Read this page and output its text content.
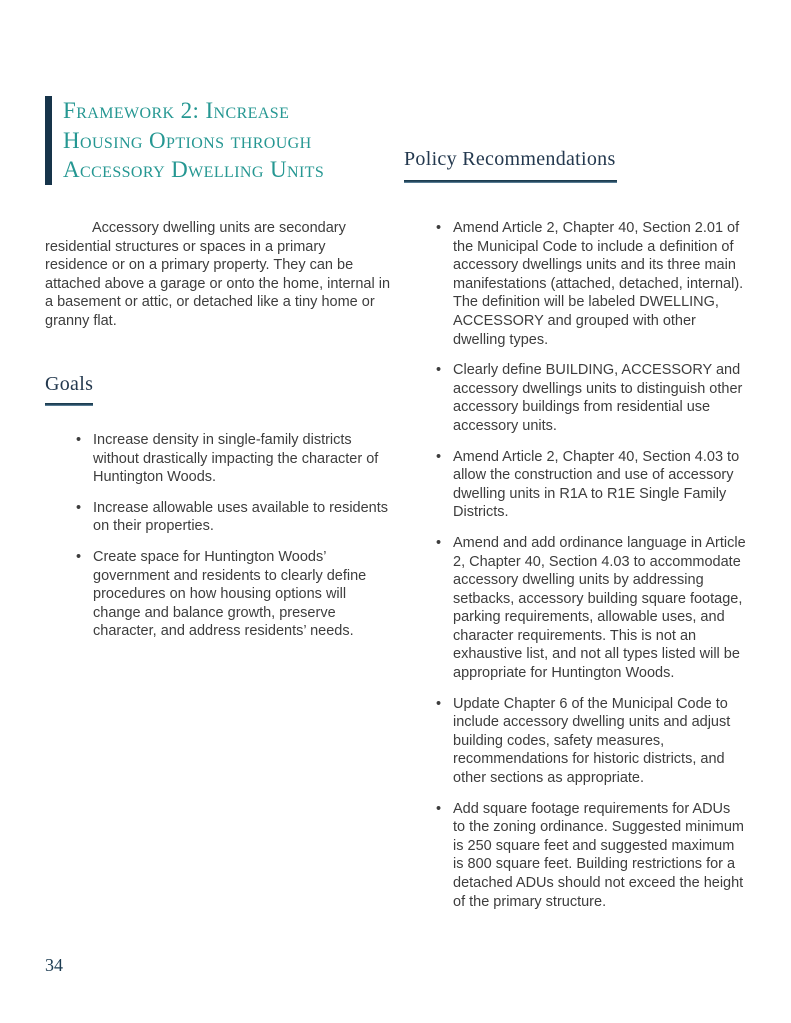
Framework 2: Increase
Housing Options through
Accessory Dwelling Units	Policy Recommendations

Accessory dwelling units are secondary residential structures or spaces in a primary residence or on a primary property. They can be attached above a garage or onto the home, internal in a basement or attic, or detached like a tiny home or granny flat.

Goals
• Increase density in single-family districts without drastically impacting the character of Huntington Woods.
• Increase allowable uses available to residents on their properties.
• Create space for Huntington Woods’ government and residents to clearly define procedures on how housing options will change and balance growth, preserve character, and address residents’ needs.
• Amend Article 2, Chapter 40, Section 2.01 of the Municipal Code to include a definition of accessory dwellings units and its three main manifestations (attached, detached, internal). The definition will be labeled DWELLING, ACCESSORY and grouped with other dwelling types.
• Clearly define BUILDING, ACCESSORY and accessory dwellings units to distinguish other accessory buildings from residential use accessory units.
• Amend Article 2, Chapter 40, Section 4.03 to allow the construction and use of accessory dwelling units in R1A to R1E Single Family Districts.
• Amend and add ordinance language in Article 2, Chapter 40, Section 4.03 to accommodate accessory dwelling units by addressing setbacks, accessory building square footage, parking requirements, allowable uses, and character requirements. This is not an exhaustive list, and not all types listed will be appropriate for Huntington Woods.
• Update Chapter 6 of the Municipal Code to include accessory dwelling units and adjust building codes, safety measures, recommendations for historic districts, and other sections as appropriate.
• Add square footage requirements for ADUs to the zoning ordinance. Suggested minimum is 250 square feet and suggested maximum is 800 square feet. Building restrictions for a detached ADUs should not exceed the height of the primary structure.
34
